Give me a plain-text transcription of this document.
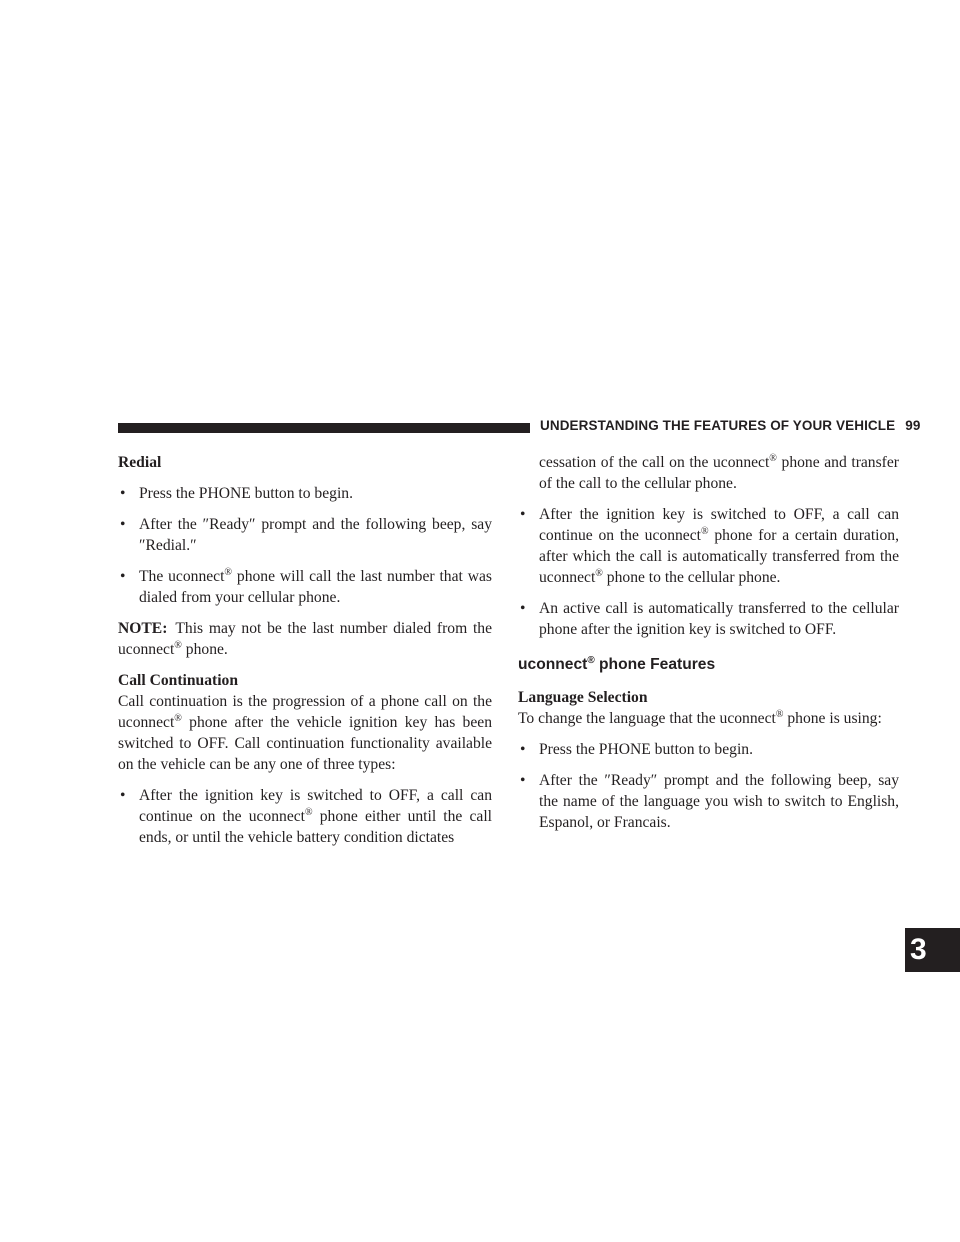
UNDERSTANDING THE FEATURES OF YOUR VEHICLE 99
3

Redial

• Press the PHONE button to begin.

• After the ″Ready″ prompt and the following beep, say ″Redial.″

• The uconnect® phone will call the last number that was dialed from your cellular phone.

NOTE: This may not be the last number dialed from the uconnect® phone.

Call Continuation

Call continuation is the progression of a phone call on the uconnect® phone after the vehicle ignition key has been switched to OFF. Call continuation functionality available on the vehicle can be any one of three types:

• After the ignition key is switched to OFF, a call can continue on the uconnect® phone either until the call ends, or until the vehicle battery condition dictates

cessation of the call on the uconnect® phone and transfer of the call to the cellular phone.

• After the ignition key is switched to OFF, a call can continue on the uconnect® phone for a certain duration, after which the call is automatically transferred from the uconnect® phone to the cellular phone.

• An active call is automatically transferred to the cellular phone after the ignition key is switched to OFF.

uconnect® phone Features

Language Selection

To change the language that the uconnect® phone is using:

• Press the PHONE button to begin.

• After the ″Ready″ prompt and the following beep, say the name of the language you wish to switch to English, Espanol, or Francais.
